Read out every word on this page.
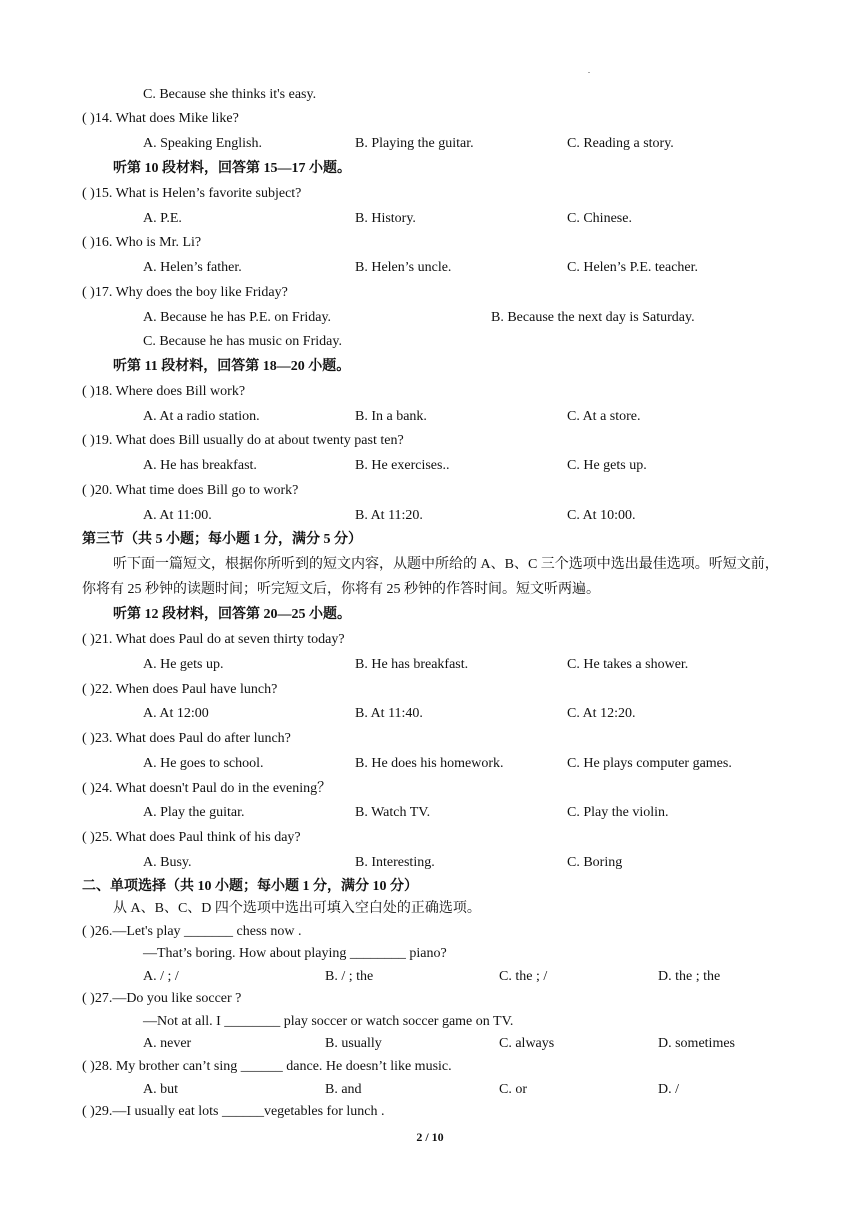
.
C. Because she thinks it's easy.
( )14. What does Mike like?
A. Speaking English.	B. Playing the guitar.	C. Reading a story.
听第 10 段材料，回答第 15—17 小题。
( )15. What is Helen’s favorite subject?
A. P.E.	B. History.	C. Chinese.
( )16. Who is Mr. Li?
A. Helen’s father.	B. Helen’s uncle.	C. Helen’s P.E. teacher.
( )17. Why does the boy like Friday?
A. Because he has P.E. on Friday.	B. Because the next day is Saturday.
C. Because he has music on Friday.
听第 11 段材料，回答第 18—20 小题。
( )18. Where does Bill work?
A. At a radio station.	B. In a bank.	C. At a store.
( )19. What does Bill usually do at about twenty past ten?
A. He has breakfast.	B. He exercises..	C. He gets up.
( )20. What time does Bill go to work?
A. At 11:00.	B. At 11:20.	C. At 10:00.
第三节（共 5 小题；每小题 1 分，满分 5 分）
听下面一篇短文，根据你所听到的短文内容，从题中所给的 A、B、C 三个选项中选出最佳选项。听短文前， 你将有 25 秒钟的读题时间；听完短文后，你将有 25 秒钟的作答时间。短文听两遍。
听第 12 段材料，回答第 20—25 小题。
( )21. What does Paul do at seven thirty today?
A. He gets up.	B. He has breakfast.	C. He takes a shower.
( )22. When does Paul have lunch?
A. At 12:00	B. At 11:40.	C. At 12:20.
( )23. What does Paul do after lunch?
A. He goes to school.	B. He does his homework.	C. He plays computer games.
( )24. What doesn't Paul do in the evening？
A. Play the guitar.	B. Watch TV.	C. Play the violin.
( )25. What does Paul think of his day?
A. Busy.	B. Interesting.	C. Boring
二、单项选择（共 10 小题；每小题 1 分，满分 10 分）
从 A、B、C、D 四个选项中选出可填入空白处的正确选项。
( )26.—Let's play _______ chess now .
—That’s boring. How about playing ________ piano?
A. / ; /	B. / ; the	C. the ; /	D. the ; the
( )27.—Do you like soccer ?
—Not at all. I ________ play soccer or watch soccer game on TV.
A. never	B. usually	C. always	D. sometimes
( )28. My brother can’t sing ______ dance. He doesn’t like music.
A. but	B. and	C. or	D. /
( )29.—I usually eat lots ______vegetables for lunch .
2 / 10
